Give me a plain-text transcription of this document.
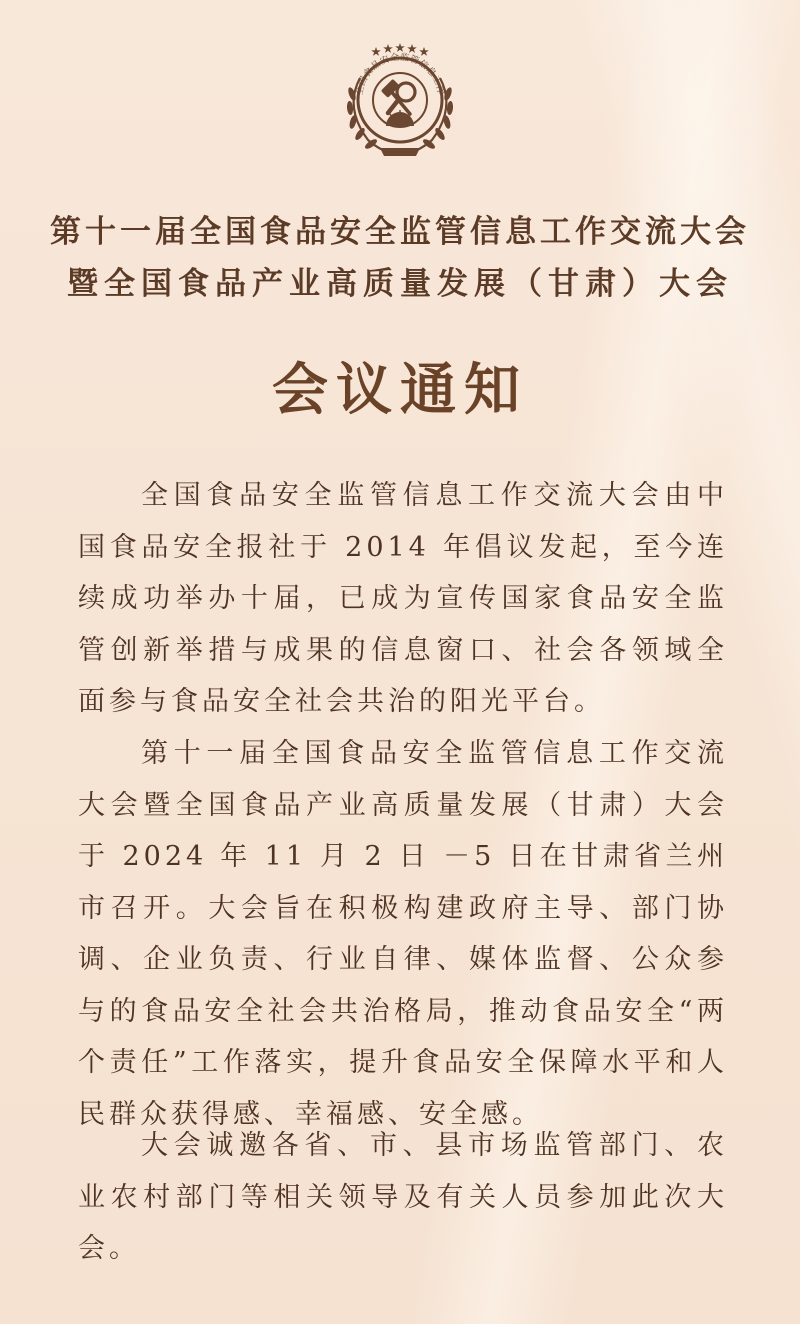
全国食品安全监管信息工作
第十一届全国食品安全监管信息工作交流大会
暨全国食品产业高质量发展（甘肃）大会
会议通知

全国食品安全监管信息工作交流大会由中国食品安全报社于 2014 年倡议发起，至今连续成功举办十届，已成为宣传国家食品安全监管创新举措与成果的信息窗口、社会各领域全面参与食品安全社会共治的阳光平台。

第十一届全国食品安全监管信息工作交流大会暨全国食品产业高质量发展（甘肃）大会于 2024 年 11 月 2 日 －5 日在甘肃省兰州市召开。大会旨在积极构建政府主导、部门协调、企业负责、行业自律、媒体监督、公众参与的食品安全社会共治格局，推动食品安全“两个责任”工作落实，提升食品安全保障水平和人民群众获得感、幸福感、安全感。

大会诚邀各省、市、县市场监管部门、农业农村部门等相关领导及有关人员参加此次大会。
